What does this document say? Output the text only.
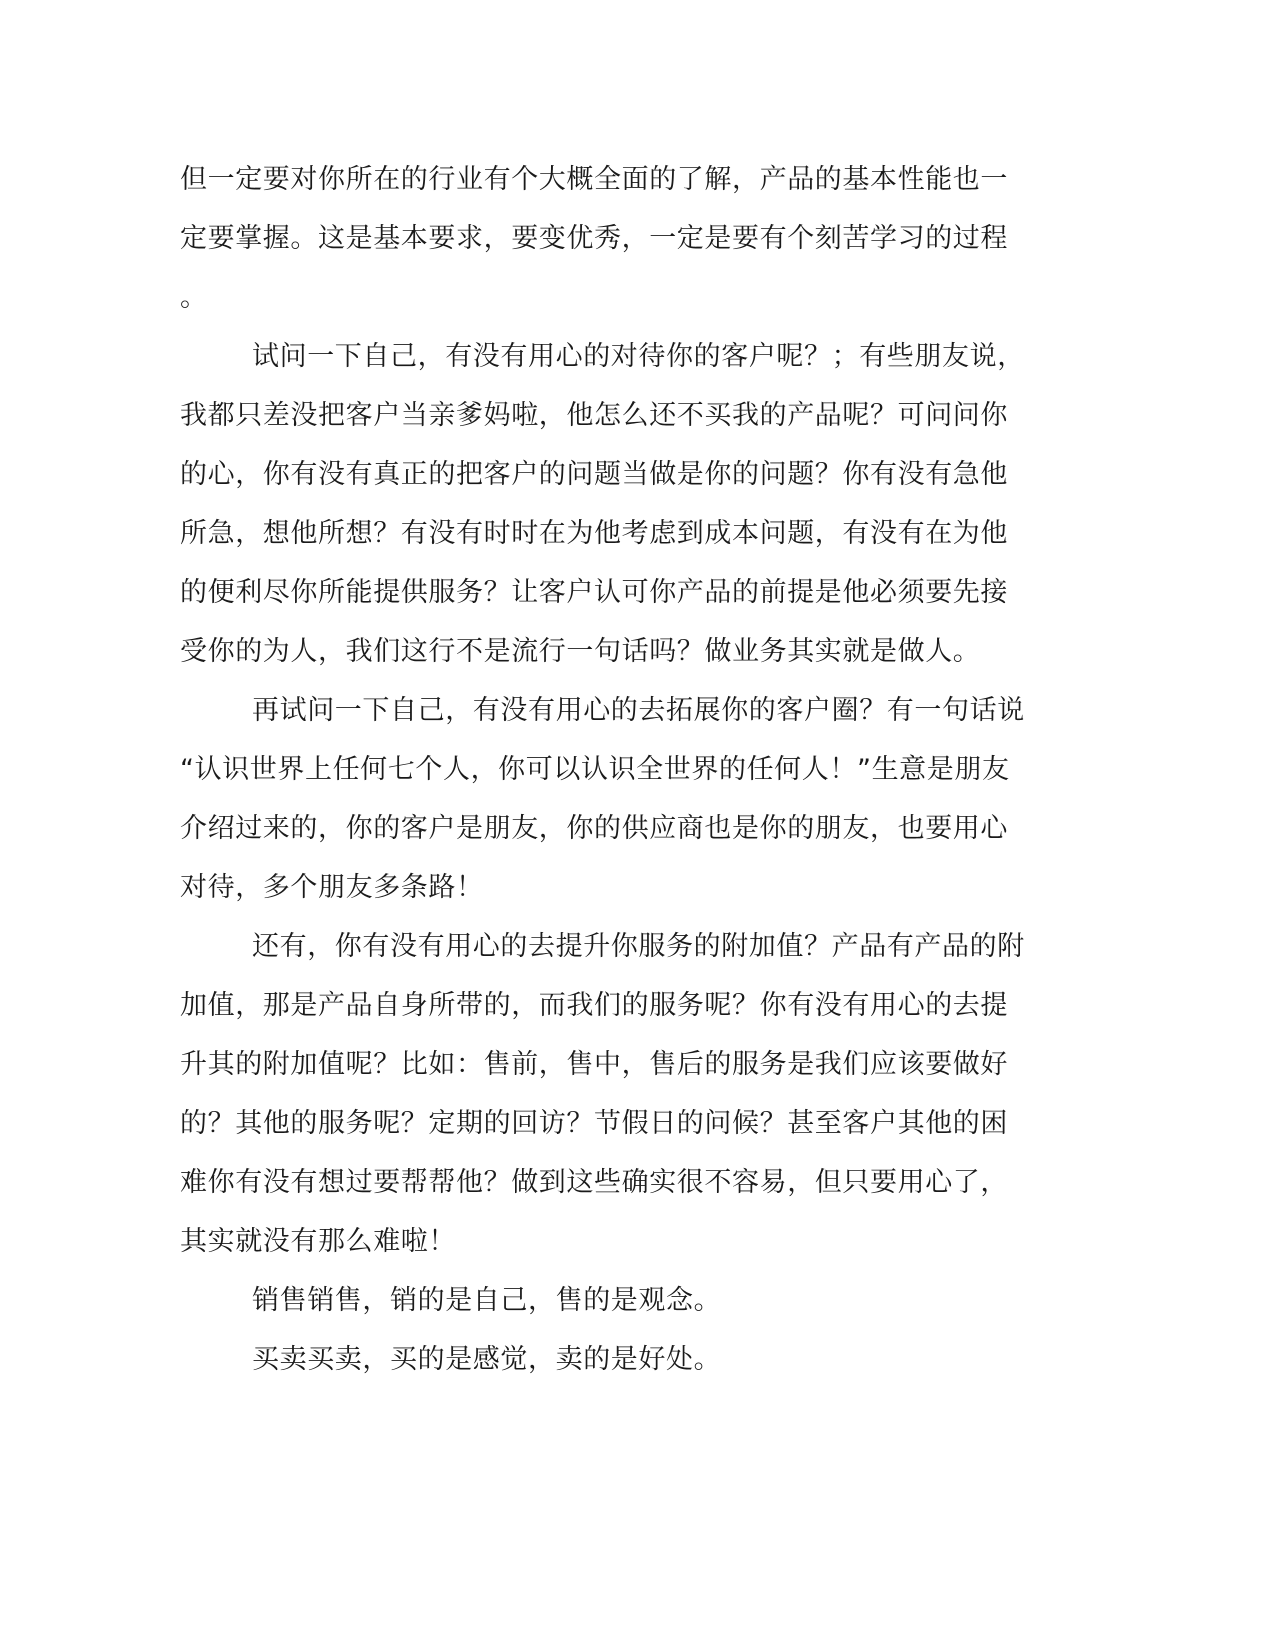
但一定要对你所在的行业有个大概全面的了解，产品的基本性能也一
定要掌握。这是基本要求，要变优秀，一定是要有个刻苦学习的过程
。
试问一下自己，有没有用心的对待你的客户呢？；有些朋友说，
我都只差没把客户当亲爹妈啦，他怎么还不买我的产品呢？可问问你
的心，你有没有真正的把客户的问题当做是你的问题？你有没有急他
所急，想他所想？有没有时时在为他考虑到成本问题，有没有在为他
的便利尽你所能提供服务？让客户认可你产品的前提是他必须要先接
受你的为人，我们这行不是流行一句话吗？做业务其实就是做人。
再试问一下自己，有没有用心的去拓展你的客户圈？有一句话说
“认识世界上任何七个人，你可以认识全世界的任何人！”生意是朋友
介绍过来的，你的客户是朋友，你的供应商也是你的朋友，也要用心
对待，多个朋友多条路！
还有，你有没有用心的去提升你服务的附加值？产品有产品的附
加值，那是产品自身所带的，而我们的服务呢？你有没有用心的去提
升其的附加值呢？比如：售前，售中，售后的服务是我们应该要做好
的？其他的服务呢？定期的回访？节假日的问候？甚至客户其他的困
难你有没有想过要帮帮他？做到这些确实很不容易，但只要用心了，
其实就没有那么难啦！
销售销售，销的是自己，售的是观念。
买卖买卖，买的是感觉，卖的是好处。
